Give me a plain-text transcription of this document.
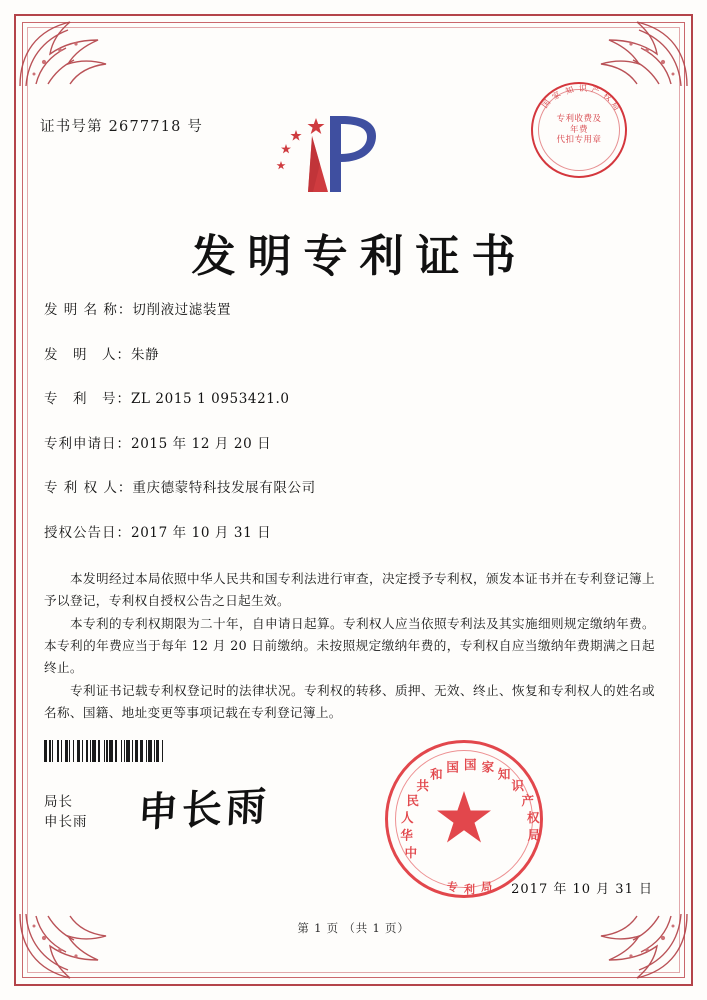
证书号第 2677718 号
国
家 知 识 产
权
局
专利收费及
年费
代扣专用章
发明专利证书
发 明 名 称： 切削液过滤装置
发　明　人： 朱静
专　利　号： ZL 2015 1 0953421.0
专利申请日： 2015 年 12 月 20 日
专 利 权 人： 重庆德蒙特科技发展有限公司
授权公告日： 2017 年 10 月 31 日

本发明经过本局依照中华人民共和国专利法进行审查，决定授予专利权，颁发本证书并在专利登记簿上予以登记，专利权自授权公告之日起生效。

本专利的专利权期限为二十年，自申请日起算。专利权人应当依照专利法及其实施细则规定缴纳年费。本专利的年费应当于每年 12 月 20 日前缴纳。未按照规定缴纳年费的，专利权自应当缴纳年费期满之日起终止。

专利证书记载专利权登记时的法律状况。专利权的转移、质押、无效、终止、恢复和专利权人的姓名或名称、国籍、地址变更等事项记载在专利登记簿上。

局长
申长雨 申长雨
中
华
人
民
共
和 国 国 家 知
识
产
权
局
专 利 局 2017 年 10 月 31 日
第 1 页 （共 1 页）
